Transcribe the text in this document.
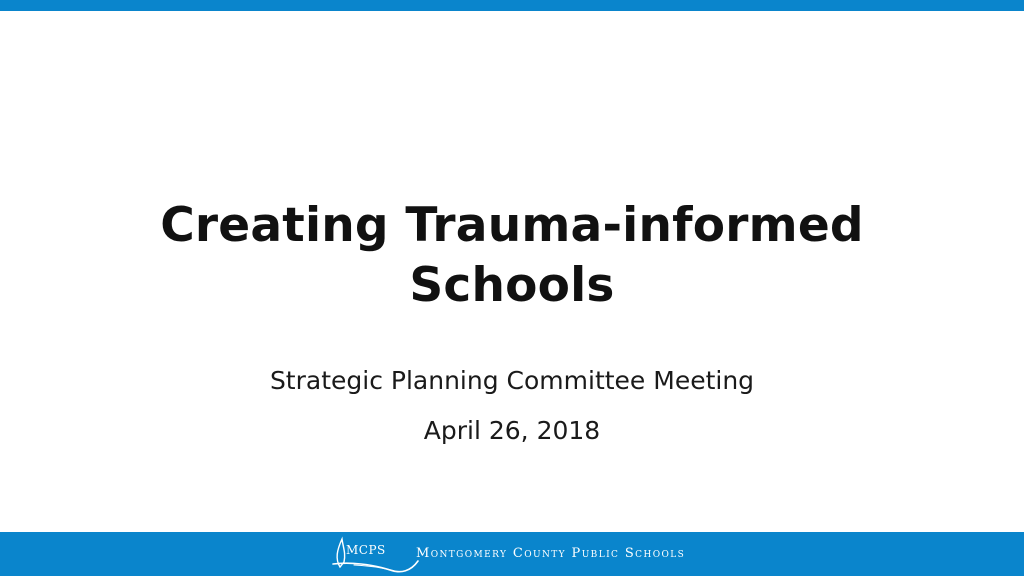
Creating Trauma-informed Schools

Strategic Planning Committee Meeting

April 26, 2018

MCPS Montgomery County Public Schools
